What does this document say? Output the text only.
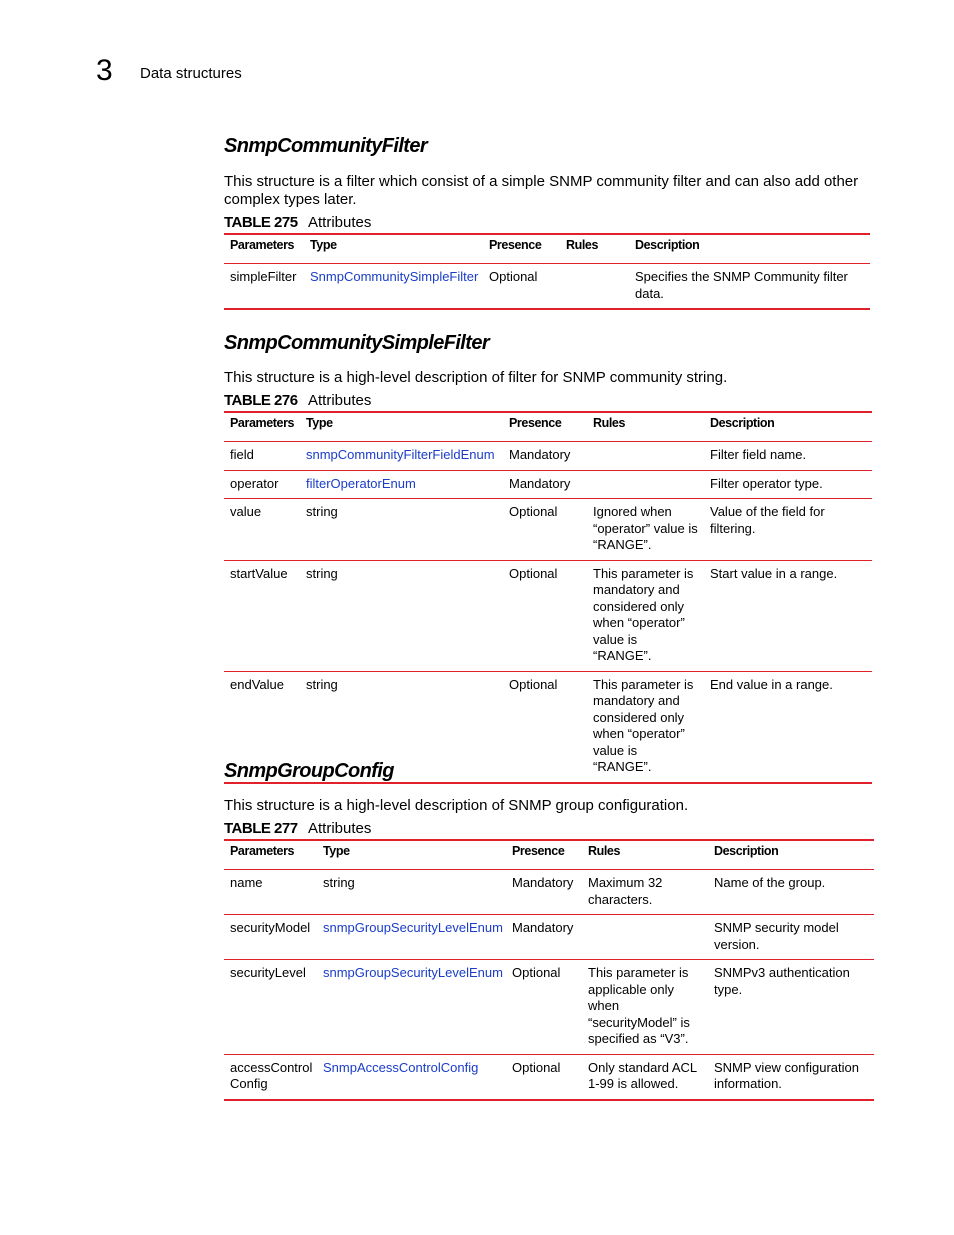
3 Data structures
SnmpCommunityFilter

This structure is a filter which consist of a simple SNMP community filter and can also add other complex types later.

TABLE 275 Attributes
Parameters	Type	Presence	Rules	Description
simpleFilter	SnmpCommunitySimpleFilter	Optional		Specifies the SNMP Community filter data.
SnmpCommunitySimpleFilter

This structure is a high-level description of filter for SNMP community string.

TABLE 276 Attributes
Parameters	Type	Presence	Rules	Description
field	snmpCommunityFilterFieldEnum	Mandatory		Filter field name.
operator	filterOperatorEnum	Mandatory		Filter operator type.
value	string	Optional	Ignored when “operator” value is “RANGE”.	Value of the field for filtering.
startValue	string	Optional	This parameter is mandatory and considered only when “operator” value is “RANGE”.	Start value in a range.
endValue	string	Optional	This parameter is mandatory and considered only when “operator” value is “RANGE”.	End value in a range.
SnmpGroupConfig

This structure is a high-level description of SNMP group configuration.

TABLE 277 Attributes
Parameters	Type	Presence	Rules	Description
name	string	Mandatory	Maximum 32 characters.	Name of the group.
securityModel	snmpGroupSecurityLevelEnum	Mandatory		SNMP security model version.
securityLevel	snmpGroupSecurityLevelEnum	Optional	This parameter is applicable only when “securityModel” is specified as “V3”.	SNMPv3 authentication type.
accessControl Config	SnmpAccessControlConfig	Optional	Only standard ACL 1-99 is allowed.	SNMP view configuration information.
